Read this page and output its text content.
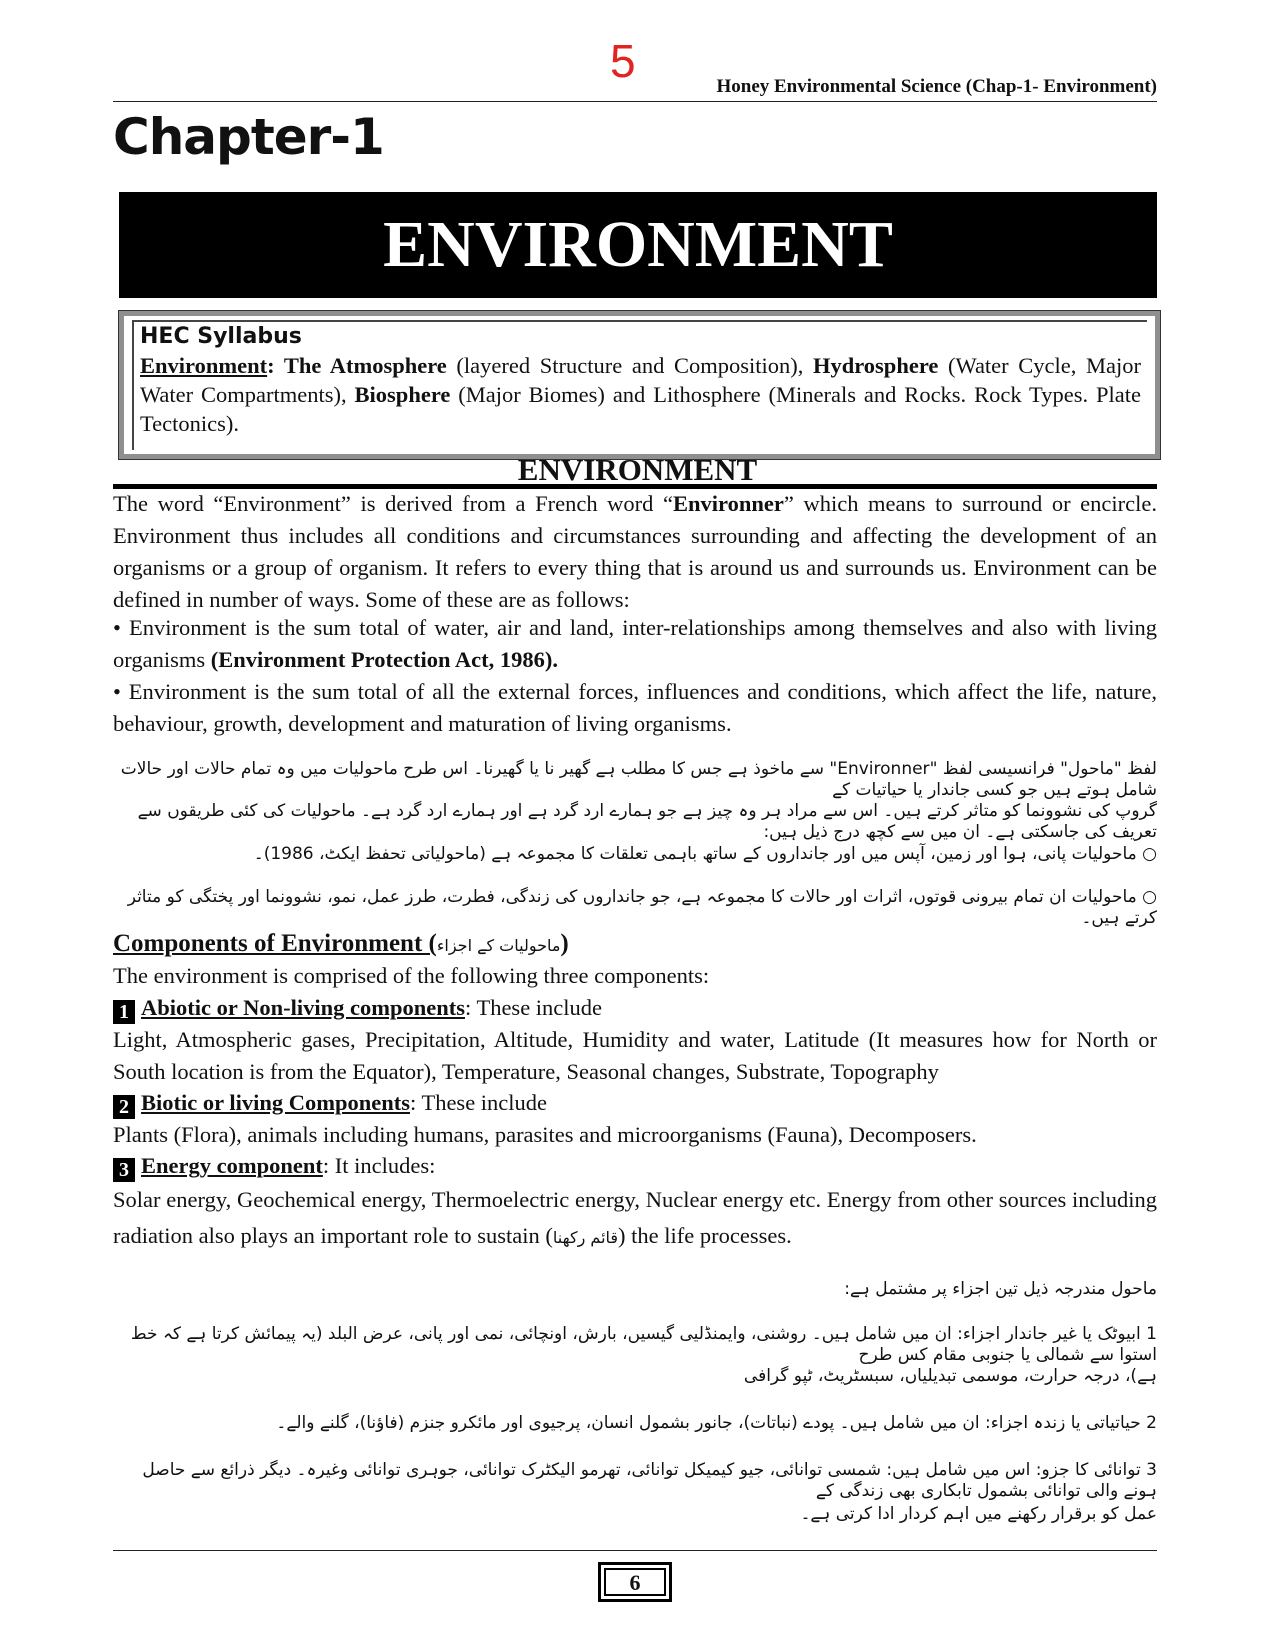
5	Honey Environmental Science (Chap-1- Environment)
Chapter-1
ENVIRONMENT
HEC Syllabus
Environment: The Atmosphere (layered Structure and Composition), Hydrosphere (Water Cycle, Major Water Compartments), Biosphere (Major Biomes) and Lithosphere (Minerals and Rocks. Rock Types. Plate Tectonics).
ENVIRONMENT
The word “Environment” is derived from a French word “Environner” which means to surround or encircle. Environment thus includes all conditions and circumstances surrounding and affecting the development of an organisms or a group of organism. It refers to every thing that is around us and surrounds us. Environment can be defined in number of ways. Some of these are as follows:
• Environment is the sum total of water, air and land, inter-relationships among themselves and also with living organisms (Environment Protection Act, 1986).
• Environment is the sum total of all the external forces, influences and conditions, which affect the life, nature, behaviour, growth, development and maturation of living organisms.
لفظ "ماحول" فرانسیسی لفظ "Environner" سے ماخوذ ہے جس کا مطلب ہے گھیر نا یا گھیرنا۔ اس طرح ماحولیات میں وہ تمام حالات اور حالات شامل ہوتے ہیں جو کسی جاندار یا حیاتیات کے
گروپ کی نشوونما کو متاثر کرتے ہیں۔ اس سے مراد ہر وہ چیز ہے جو ہمارے ارد گرد ہے اور ہمارے ارد گرد ہے۔ ماحولیات کی کئی طریقوں سے تعریف کی جاسکتی ہے۔ ان میں سے کچھ درج ذیل ہیں:
○ ماحولیات پانی، ہوا اور زمین، آپس میں اور جانداروں کے ساتھ باہمی تعلقات کا مجموعہ ہے (ماحولیاتی تحفظ ایکٹ، 1986)۔
○ ماحولیات ان تمام بیرونی قوتوں، اثرات اور حالات کا مجموعہ ہے، جو جانداروں کی زندگی، فطرت، طرز عمل، نمو، نشوونما اور پختگی کو متاثر کرتے ہیں۔
Components of Environment (ماحولیات کے اجزاء)
The environment is comprised of the following three components:
1 Abiotic or Non-living components: These include
Light, Atmospheric gases, Precipitation, Altitude, Humidity and water, Latitude (It measures how for North or South location is from the Equator), Temperature, Seasonal changes, Substrate, Topography
2 Biotic or living Components: These include
Plants (Flora), animals including humans, parasites and microorganisms (Fauna), Decomposers.
3 Energy component: It includes:
Solar energy, Geochemical energy, Thermoelectric energy, Nuclear energy etc. Energy from other sources including radiation also plays an important role to sustain (قائم رکھنا) the life processes.
ماحول مندرجہ ذیل تین اجزاء پر مشتمل ہے:
1 ابیوٹک یا غیر جاندار اجزاء: ان میں شامل ہیں۔ روشنی، وایمنڈلیی گیسیں، بارش، اونچائی، نمی اور پانی، عرض البلد (یہ پیمائش کرتا ہے کہ خط استوا سے شمالی یا جنوبی مقام کس طرح
ہے)، درجہ حرارت، موسمی تبدیلیاں، سبسٹریٹ، ٹپو گرافی
2 حیاتیاتی یا زندہ اجزاء: ان میں شامل ہیں۔ پودے (نباتات)، جانور بشمول انسان، پرجیوی اور مائکرو جنزم (فاؤنا)، گلنے والے۔
3 توانائی کا جزو: اس میں شامل ہیں: شمسی توانائی، جیو کیمیکل توانائی، تھرمو الیکٹرک توانائی، جوہری توانائی وغیرہ۔ دیگر ذرائع سے حاصل ہونے والی توانائی بشمول تابکاری بھی زندگی کے
عمل کو برقرار رکھنے میں اہم کردار ادا کرتی ہے۔
6
